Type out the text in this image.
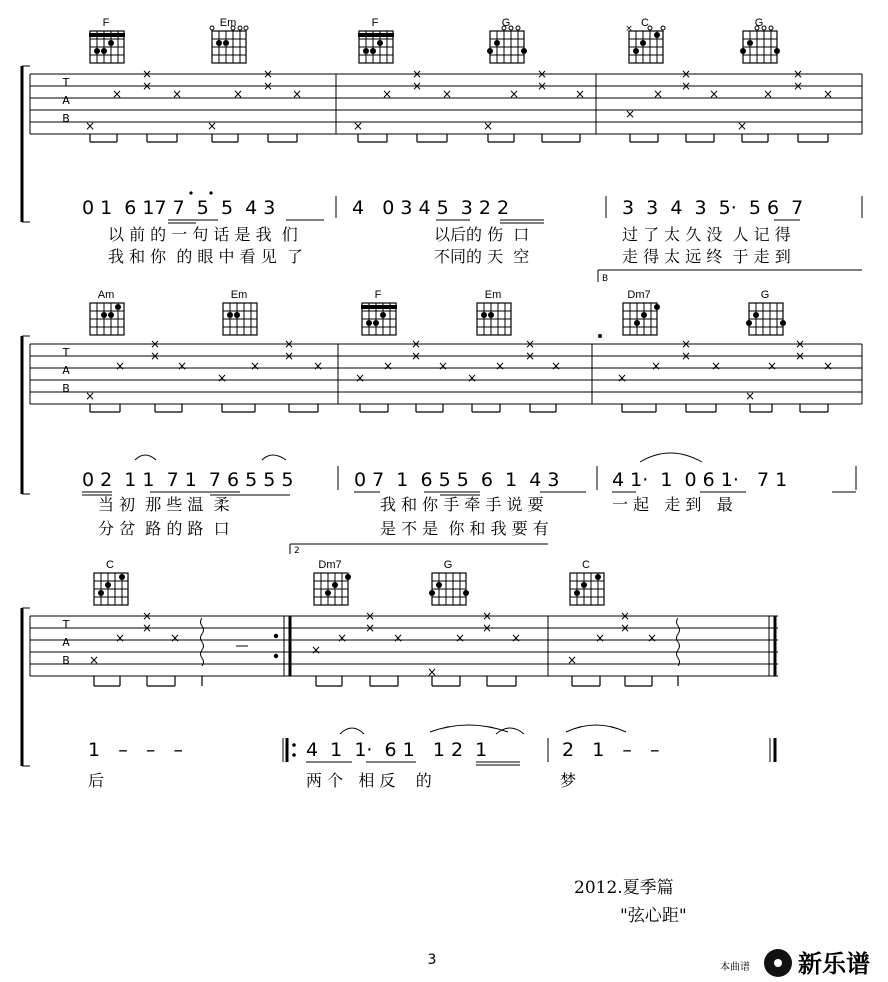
F	Em	F	G	C
×	G
T
A
B
×
×
×
×
×
×
×
×
×
×
×
×
×
×
×
×
×
×
×
×
×
×
×
×
×
×
×
×
×
×
0 1  6 17 7  5  5  4 3	4   0 3 4 5  3 2 2	3  3  4  3  5·  5 6  7
以 前 的 一 句 话 是 我  们	以后的 伤  口	过 了 太 久 没  人 记 得
我 和 你  的 眼 中 看 见  了	不同的 天  空	走 得 太 远 终  于 走 到
B
Am	Em	F	Em	Dm7	G
T
A
B
×
×
×
×
×
×
×
×
×
×
×
×
×
×
×
×
×
×
×
×
×
×
×
×
×
×
×
×
×
×
0 2  1 1  7 1  7 6 5 5 5	0 7  1  6 5 5  6  1  4 3	4 1·  1  0 6 1·   7 1
当 初  那 些 温  柔	我 和 你 手 牵 手 说 要	一 起   走 到   最
分 岔  路 的 路  口	是 不 是  你 和 我 要 有
2
C	Dm7	G	C
T
A
B ×
×
×
×
×
×
×
×
×
×
×
×
×
×
×
×
×
×
×
×
1   –   –   –	4  1  1·  6 1   1 2  1	2   1   –   –
后	两 个   相 反    的	梦
2012.夏季篇
"弦心距"
3	本曲谱 新乐谱
